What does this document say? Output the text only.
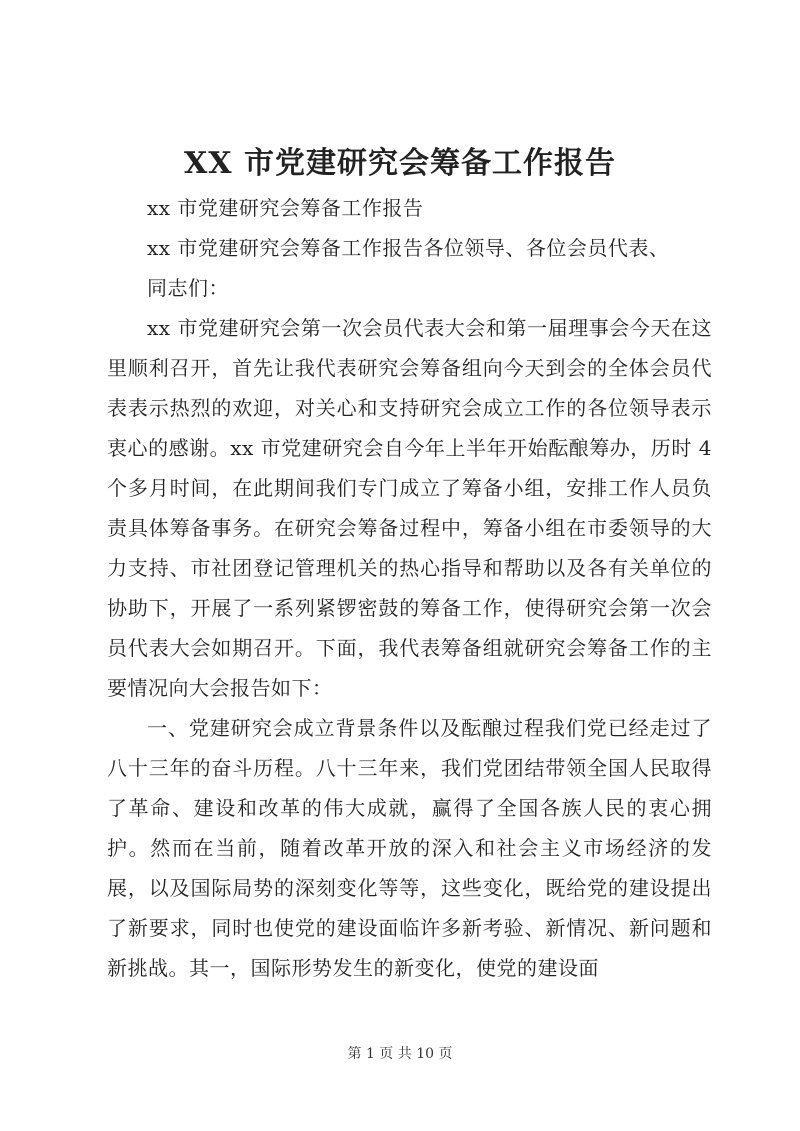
XX 市党建研究会筹备工作报告

xx 市党建研究会筹备工作报告

xx 市党建研究会筹备工作报告各位领导、各位会员代表、

同志们：

xx 市党建研究会第一次会员代表大会和第一届理事会今天在这里顺利召开，首先让我代表研究会筹备组向今天到会的全体会员代表表示热烈的欢迎，对关心和支持研究会成立工作的各位领导表示衷心的感谢。xx 市党建研究会自今年上半年开始酝酿筹办，历时 4 个多月时间，在此期间我们专门成立了筹备小组，安排工作人员负责具体筹备事务。在研究会筹备过程中，筹备小组在市委领导的大力支持、市社团登记管理机关的热心指导和帮助以及各有关单位的协助下，开展了一系列紧锣密鼓的筹备工作，使得研究会第一次会员代表大会如期召开。下面，我代表筹备组就研究会筹备工作的主要情况向大会报告如下：

一、党建研究会成立背景条件以及酝酿过程我们党已经走过了八十三年的奋斗历程。八十三年来，我们党团结带领全国人民取得了革命、建设和改革的伟大成就，赢得了全国各族人民的衷心拥护。然而在当前，随着改革开放的深入和社会主义市场经济的发展，以及国际局势的深刻变化等等，这些变化，既给党的建设提出了新要求，同时也使党的建设面临许多新考验、新情况、新问题和新挑战。其一，国际形势发生的新变化，使党的建设面

第 1 页 共 10 页
